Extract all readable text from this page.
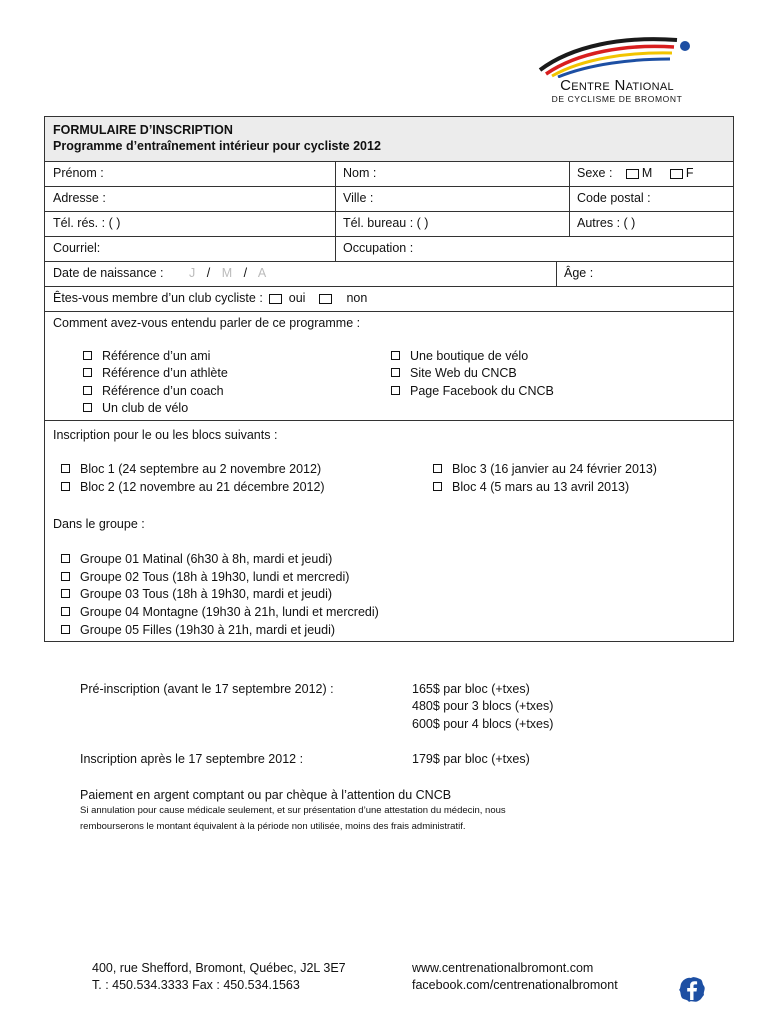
Centre National
DE CYCLISME DE BROMONT
FORMULAIRE D’INSCRIPTION
Programme d’entraînement intérieur pour cycliste 2012
Prénom :	Nom :	Sexe : M	F
Adresse :	Ville :	Code postal :
Tél. rés. : ( )	Tél. bureau : ( )	Autres : ( )
Courriel:	Occupation :
Date de naissance : J / M / A	Âge :
Êtes-vous membre d’un club cycliste : oui	non
Comment avez-vous entendu parler de ce programme :
Référence d’un ami
Référence d’un athlète
Référence d’un coach
Un club de vélo
Une boutique de vélo
Site Web du CNCB
Page Facebook du CNCB
Inscription pour le ou les blocs suivants :
Bloc 1 (24 septembre au 2 novembre 2012)
Bloc 2 (12 novembre au 21 décembre 2012)
Bloc 3 (16 janvier au 24 février 2013)
Bloc 4 (5 mars au 13 avril 2013)
Dans le groupe :
Groupe 01 Matinal (6h30 à 8h, mardi et jeudi)
Groupe 02 Tous (18h à 19h30, lundi et mercredi)
Groupe 03 Tous (18h à 19h30, mardi et jeudi)
Groupe 04 Montagne (19h30 à 21h, lundi et mercredi)
Groupe 05 Filles (19h30 à 21h, mardi et jeudi)
Pré-inscription (avant le 17 septembre 2012) :	165$ par bloc (+txes)
480$ pour 3 blocs (+txes)
600$ pour 4 blocs (+txes)
Inscription après le 17 septembre 2012 :	179$ par bloc (+txes)
Paiement en argent comptant ou par chèque à l’attention du CNCB
Si annulation pour cause médicale seulement, et sur présentation d’une attestation du médecin, nous
rembourserons le montant équivalent à la période non utilisée, moins des frais administratif.
400, rue Shefford, Bromont, Québec, J2L 3E7
T. : 450.534.3333 Fax : 450.534.1563
www.centrenationalbromont.com
facebook.com/centrenationalbromont
